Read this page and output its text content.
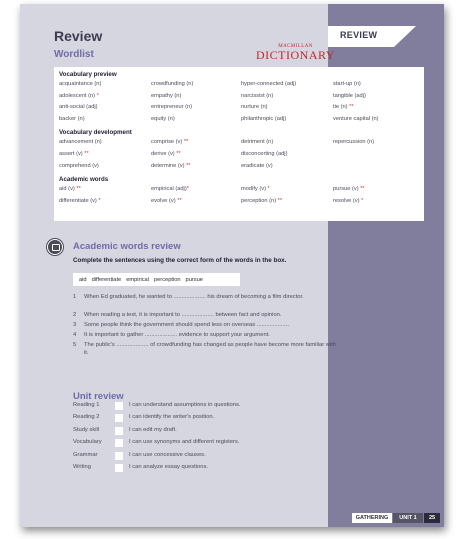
REVIEW
Review
Wordlist
MACMILLAN
DICTIONARY
Vocabulary preview
acquaintance (n)	crowdfunding (n)	hyper-connected (adj)	start-up (n)
adolescent (n) *	empathy (n)	narcissist (n)	tangible (adj)
anti-social (adj)	entrepreneur (n)	nurture (n)	tie (n) **
backer (n)	equity (n)	philanthropic (adj)	venture capital (n)
Vocabulary development
advancement (n)	comprise (v) **	detriment (n)	repercussion (n)
assert (v) **	derive (v) **	disconcerting (adj)
comprehend (v)	determine (v) **	eradicate (v)
Academic words
aid (v) **	empirical (adj)*	modify (v) *	pursue (v) **
differentiate (v) *	evolve (v) **	perception (n) **	resolve (v) *
Academic words review
Complete the sentences using the correct form of the words in the box.
aid differentiate empirical perception pursue
1 When Ed graduated, he wanted to .................... his dream of becoming a film director.
2 When reading a text, it is important to .................... between fact and opinion.
3 Some people think the government should spend less on overseas ....................
4 It is important to gather .................... evidence to support your argument.
5 The public's .................... of crowdfunding has changed as people have become more familiar with it.
Unit review
Reading 1	I can understand assumptions in questions.
Reading 2	I can identify the writer's position.
Study skill	I can edit my draft.
Vocabulary	I can use synonyms and different registers.
Grammar	I can use concessive clauses.
Writing	I can analyze essay questions.
GATHERING	UNIT 1	25
